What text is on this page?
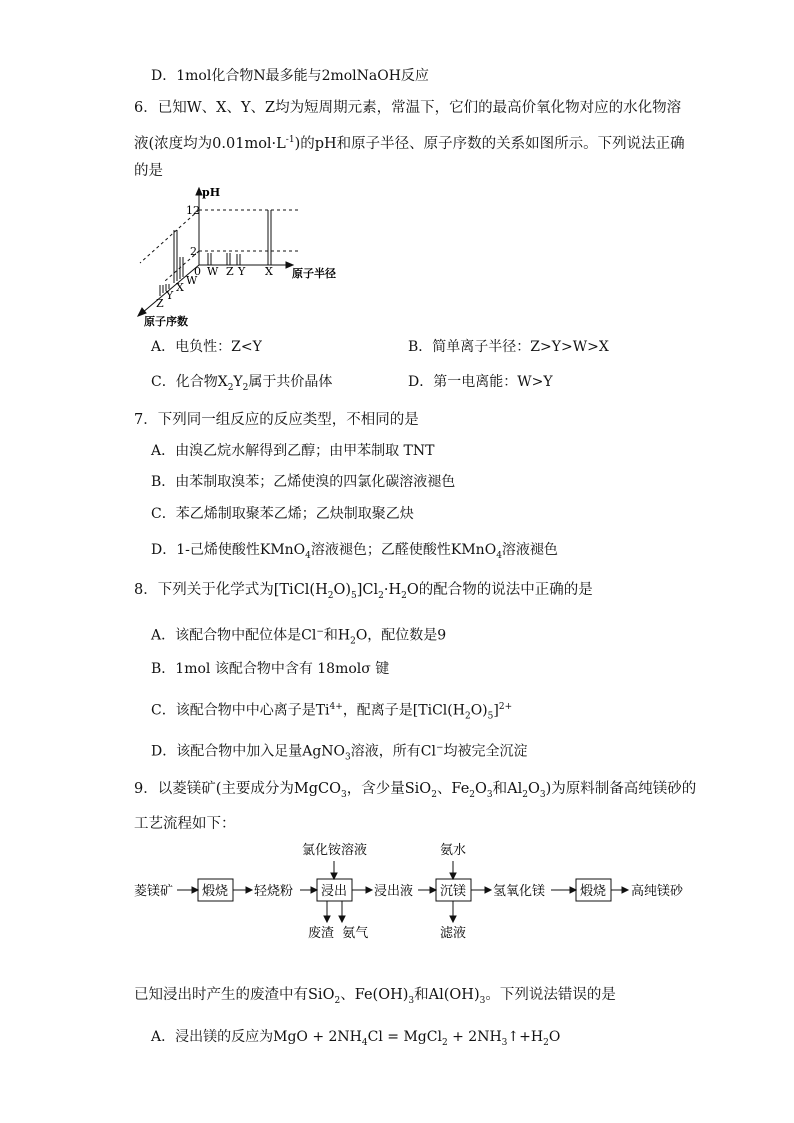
D．1mol化合物N最多能与2molNaOH反应
6．已知W、X、Y、Z均为短周期元素，常温下，它们的最高价氧化物对应的水化物溶
液(浓度均为$0.01mol\cdot L^{-1}$)的pH和原子半径、原子序数的关系如图所示。下列说法正确
的是
pH
12
2
0 W Z Y X 原子半径
Z
Y
X
W
原子序数
A．电负性：Z<Y	B．简单离子半径：Z>Y>W>X
C．化合物$X_2Y_2$属于共价晶体	D．第一电离能：W>Y
7．下列同一组反应的反应类型，不相同的是
A．由溴乙烷水解得到乙醇；由甲苯制取 TNT
B．由苯制取溴苯；乙烯使溴的四氯化碳溶液褪色
C．苯乙烯制取聚苯乙烯；乙炔制取聚乙炔
D．1-己烯使酸性KMnO$_4$溶液褪色；乙醛使酸性KMnO$_4$溶液褪色
8．下列关于化学式为$[TiCl(H_2O)_5]Cl_2\cdot H_2O$的配合物的说法中正确的是
A．该配合物中配位体是Cl−和$H_2O$，配位数是9
B．1mol 该配合物中含有 18molσ 键
C．该配合物中中心离子是$Ti^{4+}$，配离子是$[TiCl(H_2O)_5]^{2+}$
D．该配合物中加入足量AgNO$_3$溶液，所有Cl−均被完全沉淀
9．以菱镁矿(主要成分为MgCO$_3$，含少量SiO$_2$、$Fe_2O_3$和$Al_2O_3$)为原料制备高纯镁砂的
工艺流程如下：
菱镁矿 煅烧 轻烧粉 浸出 浸出液 沉镁 氢氧化镁	煅烧 高纯镁砂
氯化铵溶液	氨水
废渣  氨气	滤液
已知浸出时产生的废渣中有SiO$_2$、$Fe(OH)_3$和$Al(OH)_3$。下列说法错误的是
A．浸出镁的反应为MgO + $2NH_4Cl$ = MgCl$_2$ + $2NH_3↑+H_2O$
